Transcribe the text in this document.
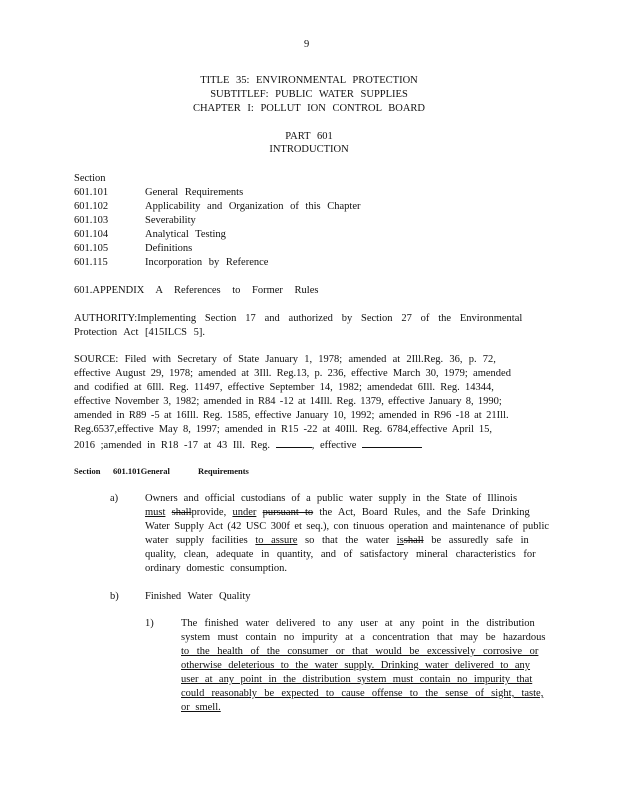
9
TITLE 35: ENVIRONMENTAL PROTECTION
SUBTITLEF: PUBLIC WATER SUPPLIES
CHAPTER I: POLLUT ION CONTROL BOARD
PART 601
INTRODUCTION
Section
601.101	General Requirements
601.102	Applicability and Organization of this Chapter
601.103	Severability
601.104	Analytical Testing
601.105	Definitions
601.115	Incorporation by Reference
601.APPENDIX A References to Former Rules
AUTHORITY:Implementing Section 17 and authorized by Section 27 of the Environmental
Protection Act [415ILCS 5].
SOURCE: Filed with Secretary of State January 1, 1978; amended at 2Ill.Reg. 36, p. 72,
effective August 29, 1978; amended at 3Ill. Reg.13, p. 236, effective March 30, 1979; amended
and codified at 6Ill. Reg. 11497, effective September 14, 1982; amendedat 6Ill. Reg. 14344,
effective November 3, 1982; amended in R84 -12 at 14Ill. Reg. 1379, effective January 8, 1990;
amended in R89 -5 at 16Ill. Reg. 1585, effective January 10, 1992; amended in R96 -18 at 21Ill.
Reg.6537,effective May 8, 1997; amended in R15 -22 at 40Ill. Reg. 6784,effective April 15,
2016 ;amended in R18 -17 at 43 Ill. Reg.	, effective
Section 601.101General Requirements
a)	Owners and official custodians of a public water supply in the State of Illinois
must shallprovide, under pursuant to the Act, Board Rules, and the Safe Drinking
Water Supply Act (42 USC 300f et seq.), con tinuous operation and maintenance of public
water supply facilities to assure so that the water isshall be assuredly safe in
quality, clean, adequate in quantity, and of satisfactory mineral characteristics for
ordinary domestic consumption.
b)	Finished Water Quality
1)	The finished water delivered to any user at any point in the distribution
system must contain no impurity at a concentration that may be hazardous
to the health of the consumer or that would be excessively corrosive or
otherwise deleterious to the water supply. Drinking water delivered to any
user at any point in the distribution system must contain no impurity that
could reasonably be expected to cause offense to the sense of sight, taste,
or smell.
